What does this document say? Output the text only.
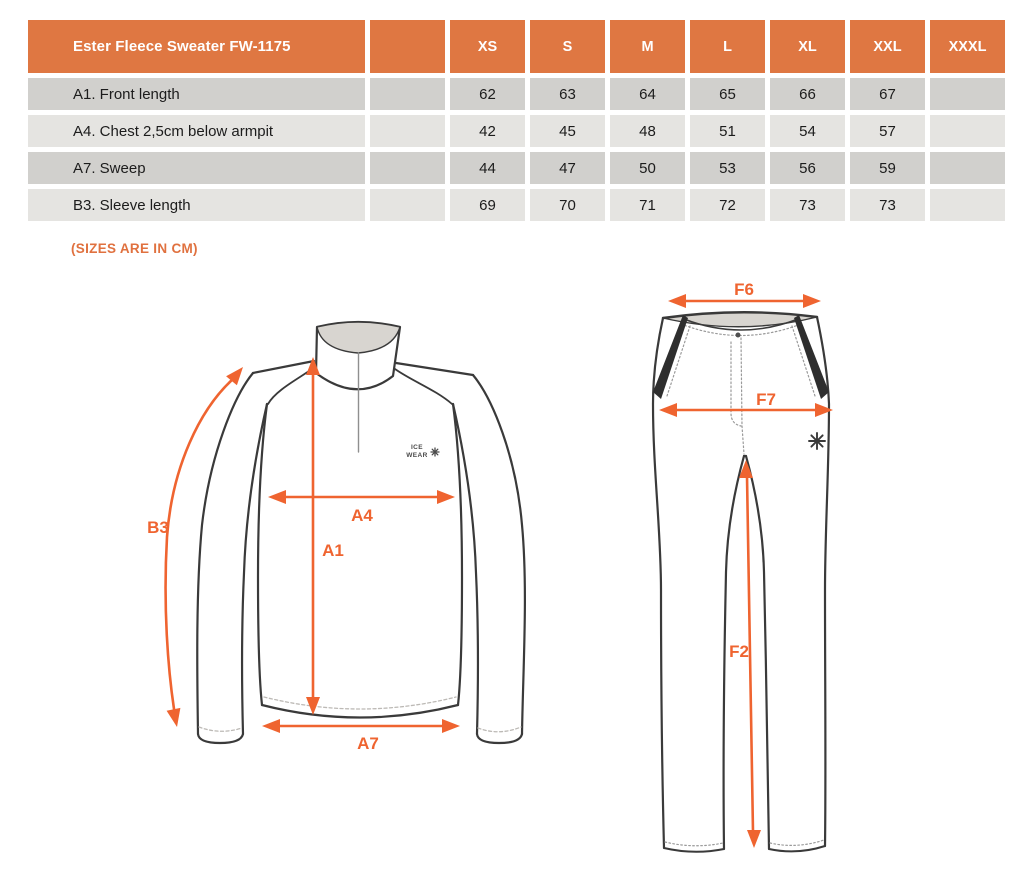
Ester Fleece Sweater FW-1175		XS	S	M	L	XL	XXL	XXXL
A1. Front length		62	63	64	65	66	67	
A4. Chest 2,5cm below armpit		42	45	48	51	54	57	
A7. Sweep		44	47	50	53	56	59	
B3. Sleeve length		69	70	71	72	73	73	
(SIZES ARE IN CM)
ICE
WEAR
B3
A4
A1
A7
F6
F7
F2
